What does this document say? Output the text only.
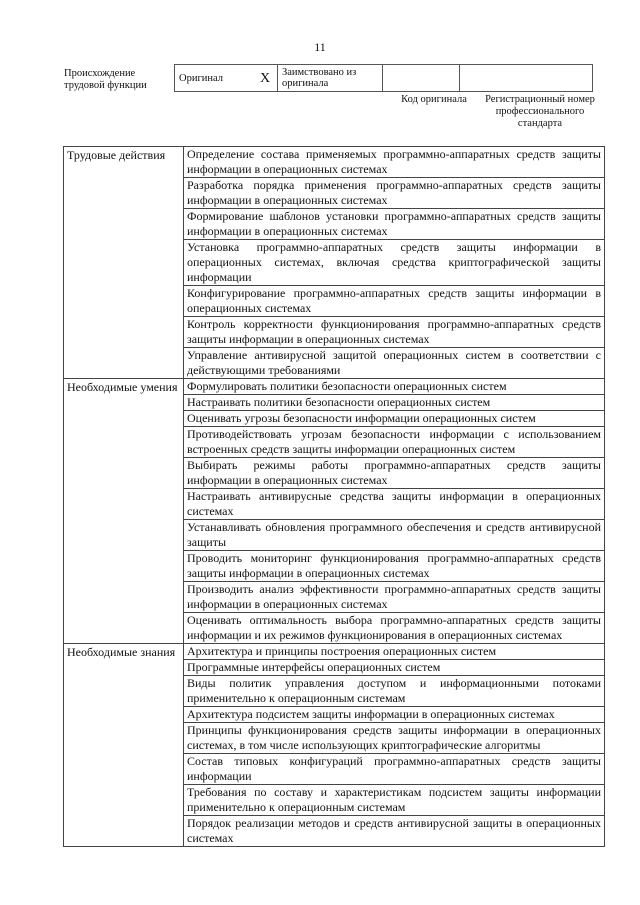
11
Происхождение трудовой функции
Оригинал	X	Заимствовано из оригинала		
Код оригинала	Регистрационный номер профессионального стандарта
Трудовые действия	Определение состава применяемых программно-аппаратных средств защиты информации в операционных системах
	Разработка порядка применения программно-аппаратных средств защиты информации в операционных системах
	Формирование шаблонов установки программно-аппаратных средств защиты информации в операционных системах
	Установка программно-аппаратных средств защиты информации в операционных системах, включая средства криптографической защиты информации
	Конфигурирование программно-аппаратных средств защиты информации в операционных системах
	Контроль корректности функционирования программно-аппаратных средств защиты информации в операционных системах
	Управление антивирусной защитой операционных систем в соответствии с действующими требованиями
Необходимые умения	Формулировать политики безопасности операционных систем
	Настраивать политики безопасности операционных систем
	Оценивать угрозы безопасности информации операционных систем
	Противодействовать угрозам безопасности информации с использованием встроенных средств защиты информации операционных систем
	Выбирать режимы работы программно-аппаратных средств защиты информации в операционных системах
	Настраивать антивирусные средства защиты информации в операционных системах
	Устанавливать обновления программного обеспечения и средств антивирусной защиты
	Проводить мониторинг функционирования программно-аппаратных средств защиты информации в операционных системах
	Производить анализ эффективности программно-аппаратных средств защиты информации в операционных системах
	Оценивать оптимальность выбора программно-аппаратных средств защиты информации и их режимов функционирования в операционных системах
Необходимые знания	Архитектура и принципы построения операционных систем
	Программные интерфейсы операционных систем
	Виды политик управления доступом и информационными потоками применительно к операционным системам
	Архитектура подсистем защиты информации в операционных системах
	Принципы функционирования средств защиты информации в операционных системах, в том числе использующих криптографические алгоритмы
	Состав типовых конфигураций программно-аппаратных средств защиты информации
	Требования по составу и характеристикам подсистем защиты информации применительно к операционным системам
	Порядок реализации методов и средств антивирусной защиты в операционных системах
